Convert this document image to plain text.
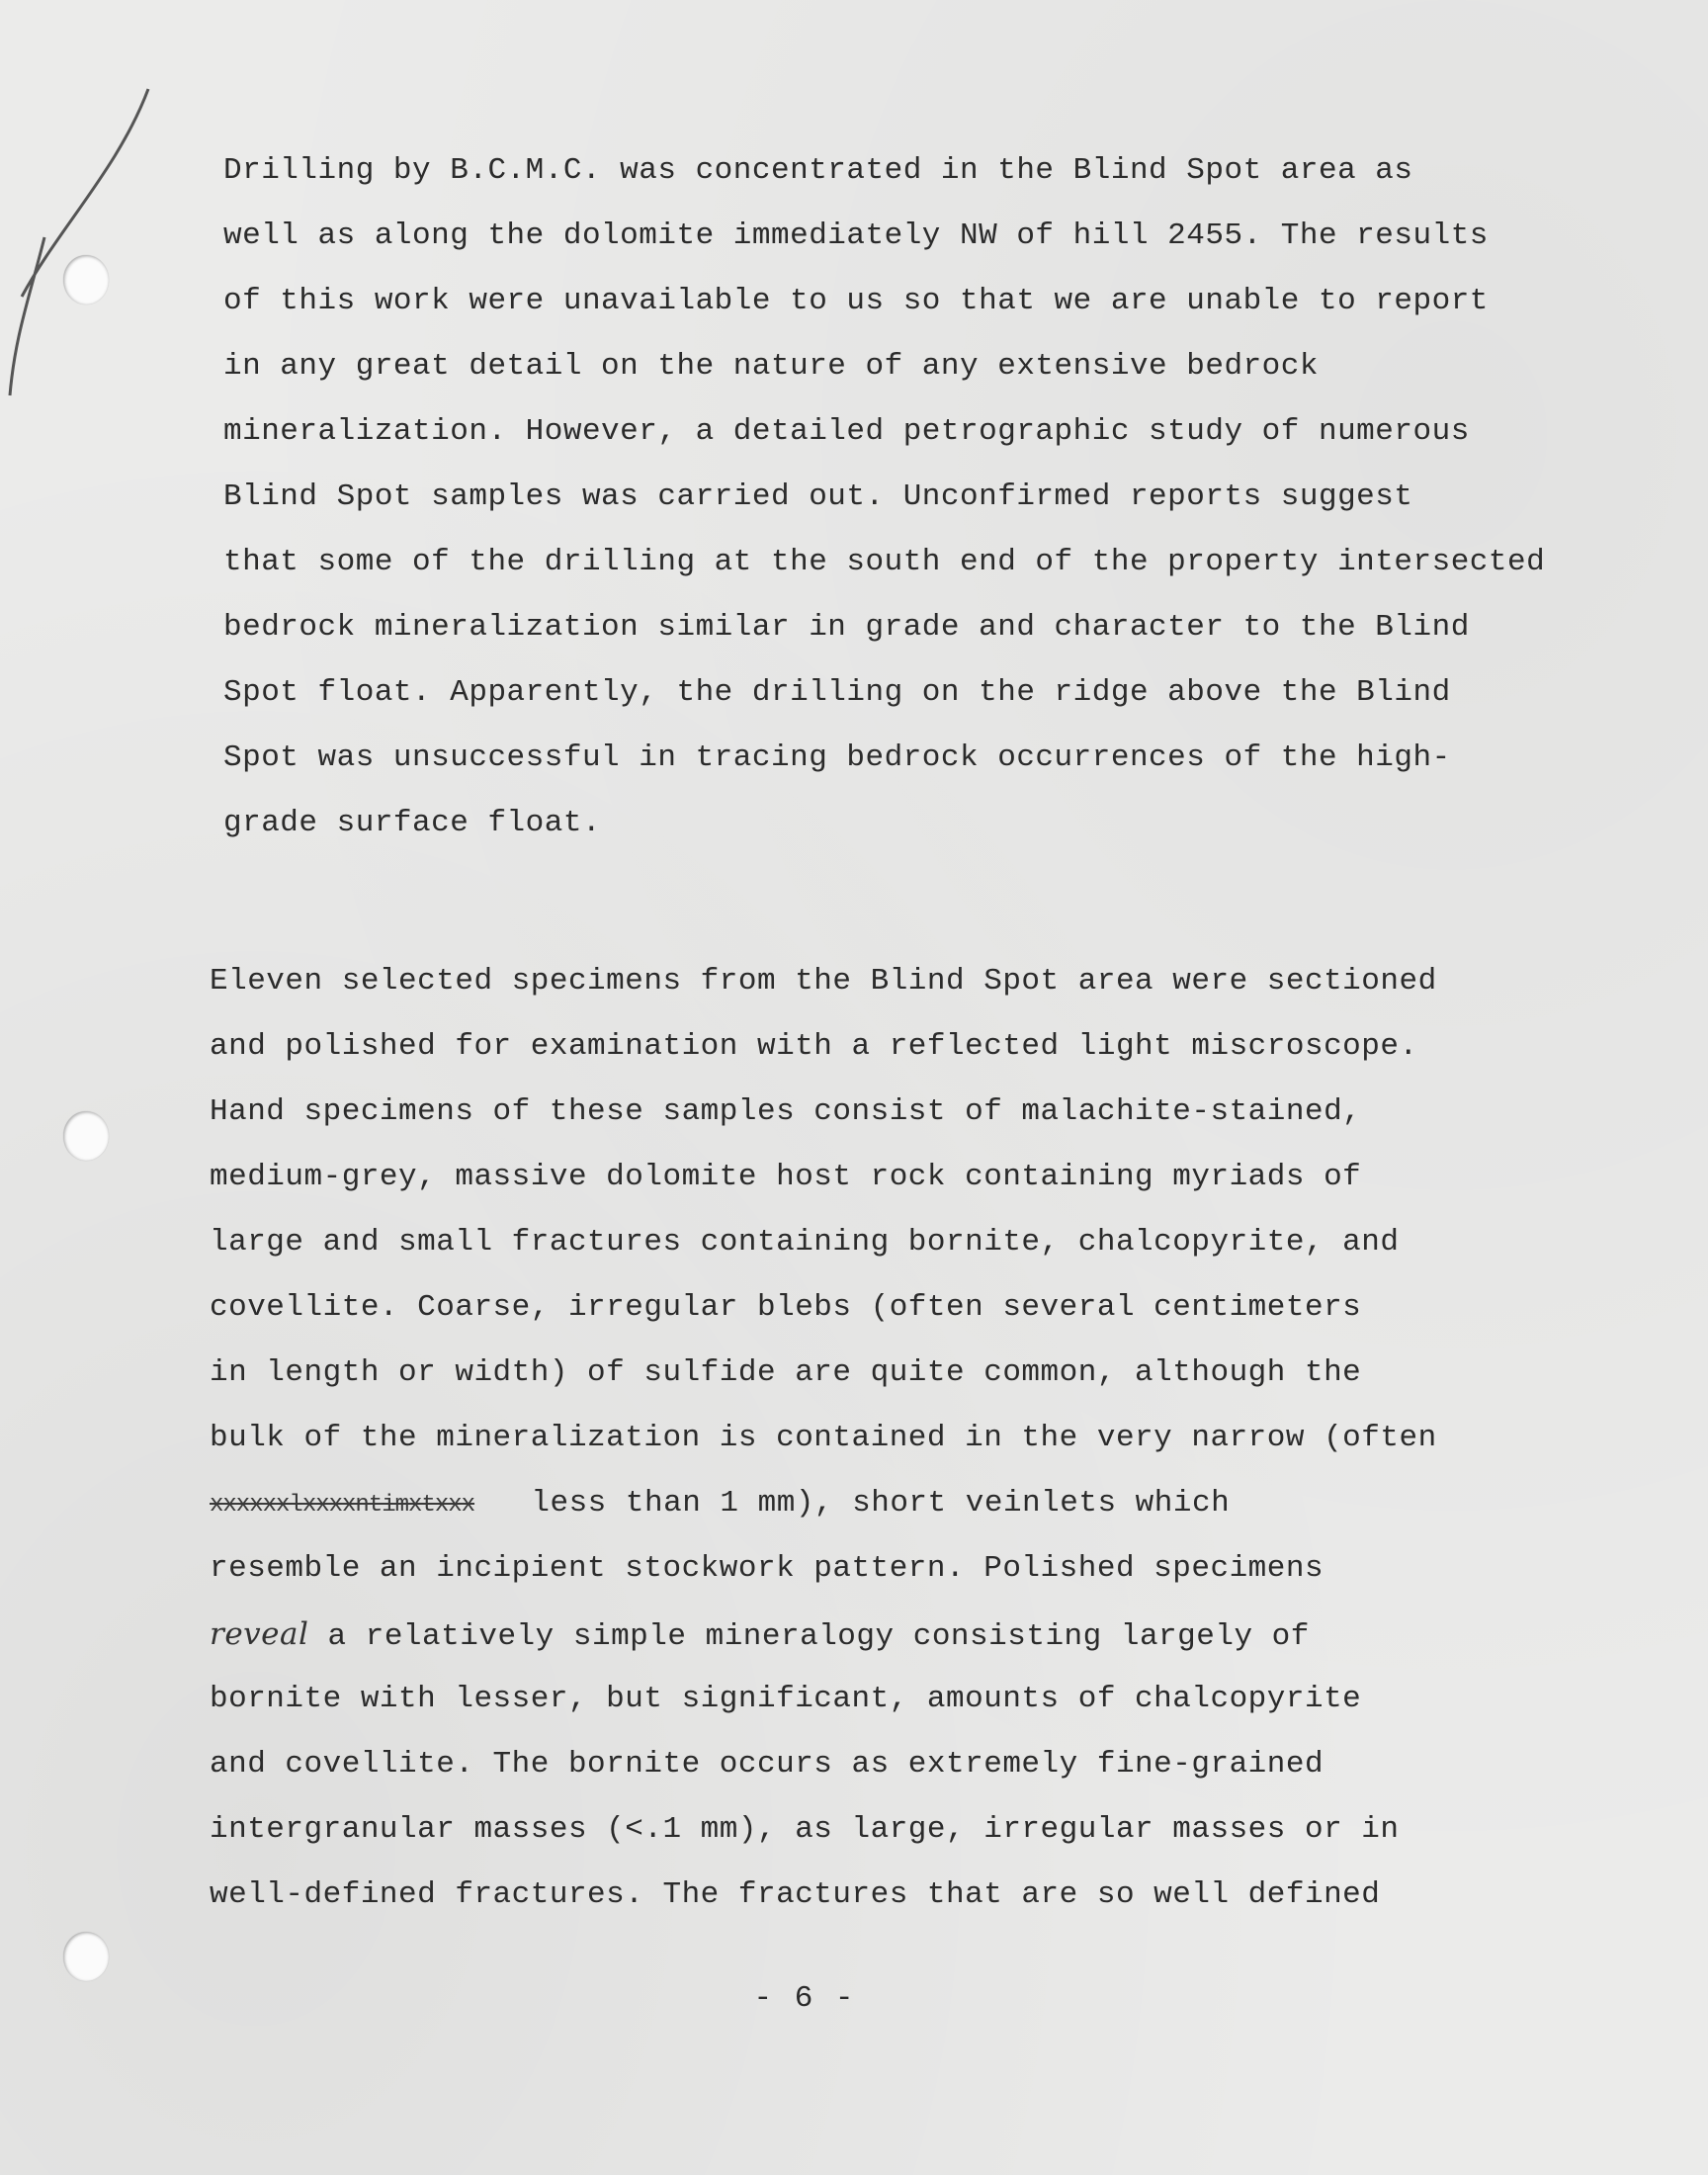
Drilling by B.C.M.C. was concentrated in the Blind Spot area as
well as along the dolomite immediately NW of hill 2455. The results
of this work were unavailable to us so that we are unable to report
in any great detail on the nature of any extensive bedrock
mineralization. However, a detailed petrographic study of numerous
Blind Spot samples was carried out. Unconfirmed reports suggest
that some of the drilling at the south end of the property intersected
bedrock mineralization similar in grade and character to the Blind
Spot float. Apparently, the drilling on the ridge above the Blind
Spot was unsuccessful in tracing bedrock occurrences of the high-
grade surface float.
Eleven selected specimens from the Blind Spot area were sectioned
and polished for examination with a reflected light miscroscope.
Hand specimens of these samples consist of malachite-stained,
medium-grey, massive dolomite host rock containing myriads of
large and small fractures containing bornite, chalcopyrite, and
covellite. Coarse, irregular blebs (often several centimeters
in length or width) of sulfide are quite common, although the
bulk of the mineralization is contained in the very narrow (often
xxxxxxlxxxxntimxtxxx less than 1 mm), short veinlets which
resemble an incipient stockwork pattern. Polished specimens
reveal a relatively simple mineralogy consisting largely of
bornite with lesser, but significant, amounts of chalcopyrite
and covellite. The bornite occurs as extremely fine-grained
intergranular masses (<.1 mm), as large, irregular masses or in
well-defined fractures. The fractures that are so well defined
- 6 -
